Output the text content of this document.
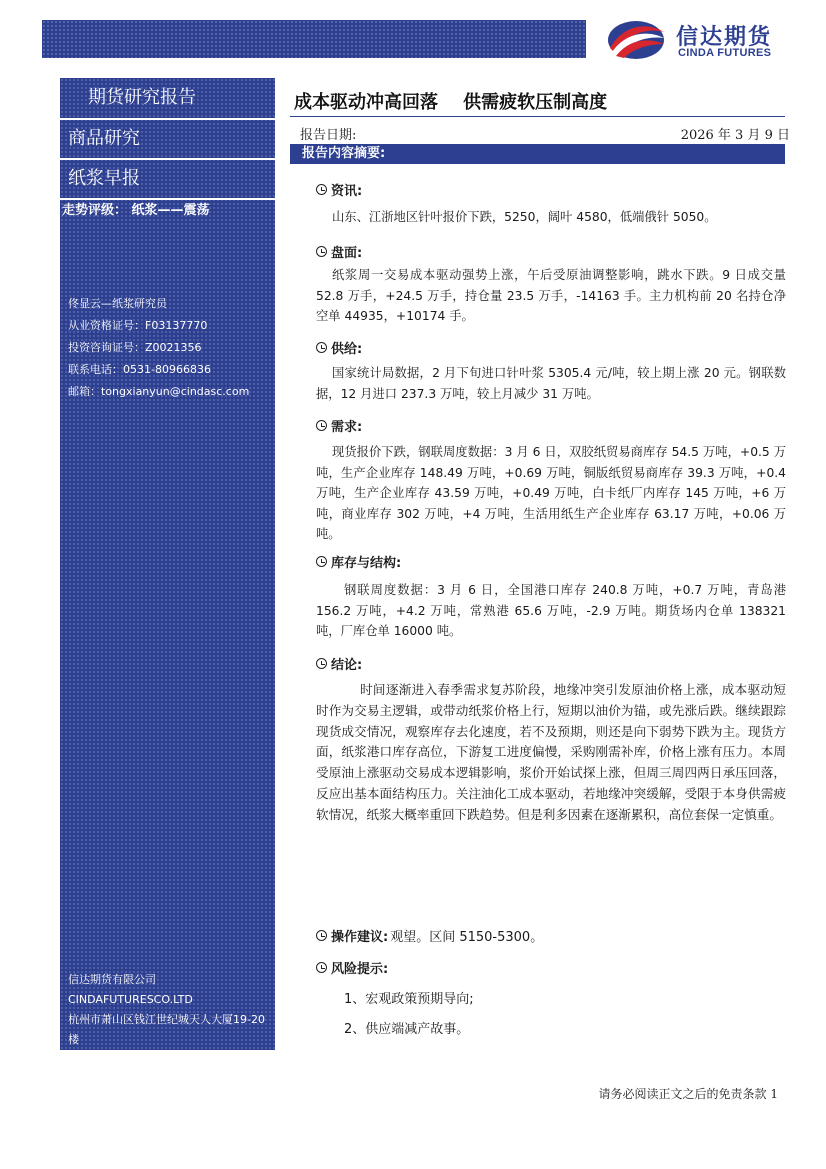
信达期货
CINDA FUTURES
期货研究报告
商品研究
纸浆早报
走势评级： 纸浆——震荡
佟显云—纸浆研究员
从业资格证号：F03137770
投资咨询证号：Z0021356
联系电话：0531-80966836
邮箱：tongxianyun@cindasc.com
信达期货有限公司
CINDAFUTURESCO.LTD
杭州市萧山区钱江世纪城天人大厦19-20楼
邮编：311200
成本驱动冲高回落    供需疲软压制高度
报告日期:	2026 年 3 月 9 日
报告内容摘要:
资讯:
山东、江浙地区针叶报价下跌，5250，阔叶 4580，低端俄针 5050。
盘面:
纸浆周一交易成本驱动强势上涨，午后受原油调整影响，跳水下跌。9 日成交量 52.8 万手，+24.5 万手，持仓量 23.5 万手，-14163 手。主力机构前 20 名持仓净空单 44935，+10174 手。
供给:
国家统计局数据，2 月下旬进口针叶浆 5305.4 元/吨，较上期上涨 20 元。钢联数据，12 月进口 237.3 万吨，较上月减少 31 万吨。
需求:
现货报价下跌，钢联周度数据：3 月 6 日，双胶纸贸易商库存 54.5 万吨，+0.5 万吨，生产企业库存 148.49 万吨，+0.69 万吨，铜版纸贸易商库存 39.3 万吨，+0.4 万吨，生产企业库存 43.59 万吨，+0.49 万吨，白卡纸厂内库存 145 万吨，+6 万吨，商业库存 302 万吨，+4 万吨，生活用纸生产企业库存 63.17 万吨，+0.06 万吨。
库存与结构:
钢联周度数据：3 月 6 日，全国港口库存 240.8 万吨，+0.7 万吨，青岛港 156.2 万吨，+4.2 万吨，常熟港 65.6 万吨，-2.9 万吨。期货场内仓单 138321 吨，厂库仓单 16000 吨。
结论:
时间逐渐进入春季需求复苏阶段，地缘冲突引发原油价格上涨，成本驱动短时作为交易主逻辑，或带动纸浆价格上行，短期以油价为锚，或先涨后跌。继续跟踪现货成交情况，观察库存去化速度，若不及预期，则还是向下弱势下跌为主。现货方面，纸浆港口库存高位，下游复工进度偏慢，采购刚需补库，价格上涨有压力。本周受原油上涨驱动交易成本逻辑影响，浆价开始试探上涨，但周三周四两日承压回落，反应出基本面结构压力。关注油化工成本驱动，若地缘冲突缓解，受限于本身供需疲软情况，纸浆大概率重回下跌趋势。但是利多因素在逐渐累积，高位套保一定慎重。
操作建议: 观望。区间 5150-5300。
风险提示:
1、宏观政策预期导向;
2、供应端减产故事。
请务必阅读正文之后的免责条款 1
